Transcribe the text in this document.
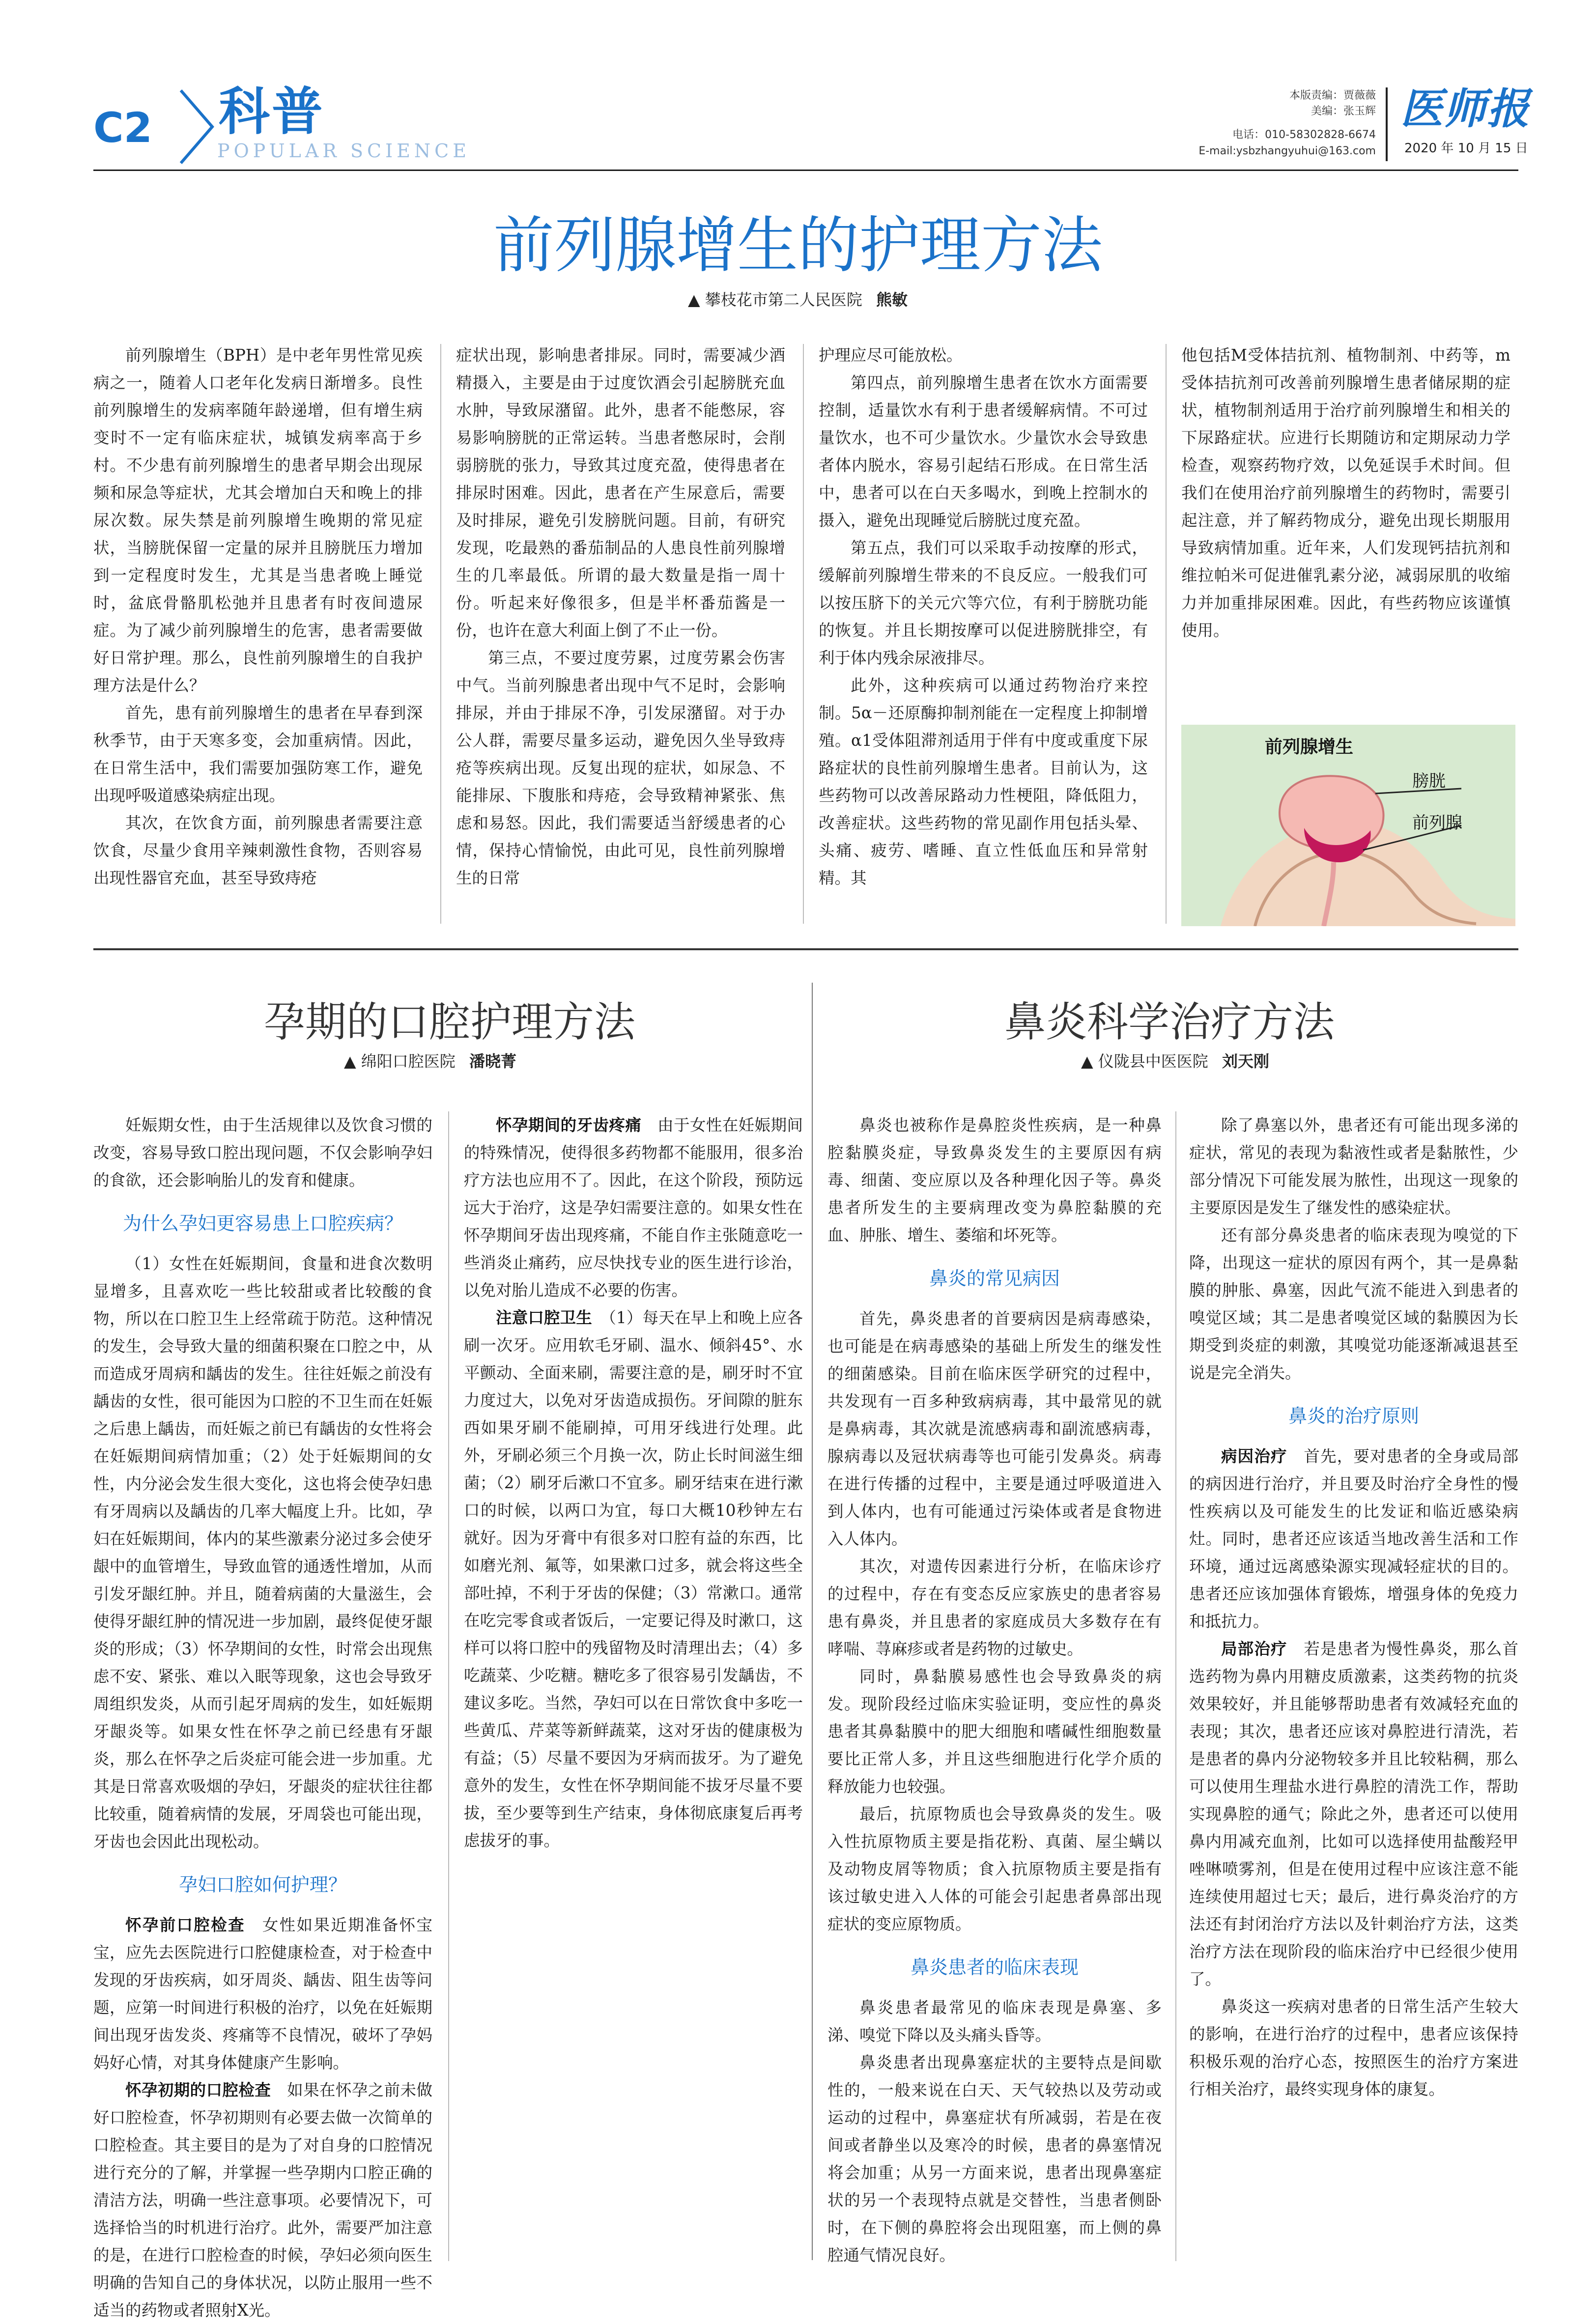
C2 科普
POPULAR SCIENCE
本版责编：贾薇薇
美编：张玉辉
电话：010-58302828-6674
E-mail:ysbzhangyuhui@163.com
医师报
2020 年 10 月 15 日
前列腺增生的护理方法
▲ 攀枝花市第二人民医院 熊敏

前列腺增生（BPH）是中老年男性常见疾病之一，随着人口老年化发病日渐增多。良性前列腺增生的发病率随年龄递增，但有增生病变时不一定有临床症状，城镇发病率高于乡村。不少患有前列腺增生的患者早期会出现尿频和尿急等症状，尤其会增加白天和晚上的排尿次数。尿失禁是前列腺增生晚期的常见症状，当膀胱保留一定量的尿并且膀胱压力增加到一定程度时发生，尤其是当患者晚上睡觉时，盆底骨骼肌松弛并且患者有时夜间遗尿症。为了减少前列腺增生的危害，患者需要做好日常护理。那么，良性前列腺增生的自我护理方法是什么？

首先，患有前列腺增生的患者在早春到深秋季节，由于天寒多变，会加重病情。因此，在日常生活中，我们需要加强防寒工作，避免出现呼吸道感染病症出现。

其次，在饮食方面，前列腺患者需要注意饮食，尽量少食用辛辣刺激性食物，否则容易出现性器官充血，甚至导致痔疮

症状出现，影响患者排尿。同时，需要减少酒精摄入，主要是由于过度饮酒会引起膀胱充血水肿，导致尿潴留。此外，患者不能憋尿，容易影响膀胱的正常运转。当患者憋尿时，会削弱膀胱的张力，导致其过度充盈，使得患者在排尿时困难。因此，患者在产生尿意后，需要及时排尿，避免引发膀胱问题。目前，有研究发现，吃最熟的番茄制品的人患良性前列腺增生的几率最低。所谓的最大数量是指一周十份。听起来好像很多，但是半杯番茄酱是一份，也许在意大利面上倒了不止一份。

第三点，不要过度劳累，过度劳累会伤害中气。当前列腺患者出现中气不足时，会影响排尿，并由于排尿不净，引发尿潴留。对于办公人群，需要尽量多运动，避免因久坐导致痔疮等疾病出现。反复出现的症状，如尿急、不能排尿、下腹胀和痔疮，会导致精神紧张、焦虑和易怒。因此，我们需要适当舒缓患者的心情，保持心情愉悦，由此可见，良性前列腺增生的日常

护理应尽可能放松。

第四点，前列腺增生患者在饮水方面需要控制，适量饮水有利于患者缓解病情。不可过量饮水，也不可少量饮水。少量饮水会导致患者体内脱水，容易引起结石形成。在日常生活中，患者可以在白天多喝水，到晚上控制水的摄入，避免出现睡觉后膀胱过度充盈。

第五点，我们可以采取手动按摩的形式，缓解前列腺增生带来的不良反应。一般我们可以按压脐下的关元穴等穴位，有利于膀胱功能的恢复。并且长期按摩可以促进膀胱排空，有利于体内残余尿液排尽。

此外，这种疾病可以通过药物治疗来控制。5α－还原酶抑制剂能在一定程度上抑制增殖。α1受体阻滞剂适用于伴有中度或重度下尿路症状的良性前列腺增生患者。目前认为，这些药物可以改善尿路动力性梗阻，降低阻力，改善症状。这些药物的常见副作用包括头晕、头痛、疲劳、嗜睡、直立性低血压和异常射精。其

他包括M受体拮抗剂、植物制剂、中药等，m受体拮抗剂可改善前列腺增生患者储尿期的症状，植物制剂适用于治疗前列腺增生和相关的下尿路症状。应进行长期随访和定期尿动力学检查，观察药物疗效，以免延误手术时间。但我们在使用治疗前列腺增生的药物时，需要引起注意，并了解药物成分，避免出现长期服用导致病情加重。近年来，人们发现钙拮抗剂和维拉帕米可促进催乳素分泌，减弱尿肌的收缩力并加重排尿困难。因此，有些药物应该谨慎使用。

前列腺增生
膀胱
前列腺
孕期的口腔护理方法
▲ 绵阳口腔医院 潘晓菁

妊娠期女性，由于生活规律以及饮食习惯的改变，容易导致口腔出现问题，不仅会影响孕妇的食欲，还会影响胎儿的发育和健康。

为什么孕妇更容易患上口腔疾病？

（1）女性在妊娠期间，食量和进食次数明显增多，且喜欢吃一些比较甜或者比较酸的食物，所以在口腔卫生上经常疏于防范。这种情况的发生，会导致大量的细菌积聚在口腔之中，从而造成牙周病和龋齿的发生。往往妊娠之前没有龋齿的女性，很可能因为口腔的不卫生而在妊娠之后患上龋齿，而妊娠之前已有龋齿的女性将会在妊娠期间病情加重；（2）处于妊娠期间的女性，内分泌会发生很大变化，这也将会使孕妇患有牙周病以及龋齿的几率大幅度上升。比如，孕妇在妊娠期间，体内的某些激素分泌过多会使牙龈中的血管增生，导致血管的通透性增加，从而引发牙龈红肿。并且，随着病菌的大量滋生，会使得牙龈红肿的情况进一步加剧，最终促使牙龈炎的形成；（3）怀孕期间的女性，时常会出现焦虑不安、紧张、难以入眠等现象，这也会导致牙周组织发炎，从而引起牙周病的发生，如妊娠期牙龈炎等。如果女性在怀孕之前已经患有牙龈炎，那么在怀孕之后炎症可能会进一步加重。尤其是日常喜欢吸烟的孕妇，牙龈炎的症状往往都比较重，随着病情的发展，牙周袋也可能出现，牙齿也会因此出现松动。

孕妇口腔如何护理？

怀孕前口腔检查　 女性如果近期准备怀宝宝，应先去医院进行口腔健康检查，对于检查中发现的牙齿疾病，如牙周炎、龋齿、阻生齿等问题，应第一时间进行积极的治疗，以免在妊娠期间出现牙齿发炎、疼痛等不良情况，破坏了孕妈妈好心情，对其身体健康产生影响。

怀孕初期的口腔检查　 如果在怀孕之前未做好口腔检查，怀孕初期则有必要去做一次简单的口腔检查。其主要目的是为了对自身的口腔情况进行充分的了解，并掌握一些孕期内口腔正确的清洁方法，明确一些注意事项。必要情况下，可选择恰当的时机进行治疗。此外，需要严加注意的是，在进行口腔检查的时候，孕妇必须向医生明确的告知自己的身体状况，以防止服用一些不适当的药物或者照射X光。

怀孕期间的牙齿疼痛　 由于女性在妊娠期间的特殊情况，使得很多药物都不能服用，很多治疗方法也应用不了。因此，在这个阶段，预防远远大于治疗，这是孕妇需要注意的。如果女性在怀孕期间牙齿出现疼痛，不能自作主张随意吃一些消炎止痛药，应尽快找专业的医生进行诊治，以免对胎儿造成不必要的伤害。

注意口腔卫生　 （1）每天在早上和晚上应各刷一次牙。应用软毛牙刷、温水、倾斜45°、水平颤动、全面来刷，需要注意的是，刷牙时不宜力度过大，以免对牙齿造成损伤。牙间隙的脏东西如果牙刷不能刷掉，可用牙线进行处理。此外，牙刷必须三个月换一次，防止长时间滋生细菌；（2）刷牙后漱口不宜多。刷牙结束在进行漱口的时候，以两口为宜，每口大概10秒钟左右就好。因为牙膏中有很多对口腔有益的东西，比如磨光剂、氟等，如果漱口过多，就会将这些全部吐掉，不利于牙齿的保健；（3）常漱口。通常在吃完零食或者饭后，一定要记得及时漱口，这样可以将口腔中的残留物及时清理出去；（4）多吃蔬菜、少吃糖。糖吃多了很容易引发龋齿，不建议多吃。当然，孕妇可以在日常饮食中多吃一些黄瓜、芹菜等新鲜蔬菜，这对牙齿的健康极为有益；（5）尽量不要因为牙病而拔牙。为了避免意外的发生，女性在怀孕期间能不拔牙尽量不要拔，至少要等到生产结束，身体彻底康复后再考虑拔牙的事。

鼻炎科学治疗方法
▲ 仪陇县中医医院 刘天刚

鼻炎也被称作是鼻腔炎性疾病，是一种鼻腔黏膜炎症，导致鼻炎发生的主要原因有病毒、细菌、变应原以及各种理化因子等。鼻炎患者所发生的主要病理改变为鼻腔黏膜的充血、肿胀、增生、萎缩和坏死等。

鼻炎的常见病因

首先，鼻炎患者的首要病因是病毒感染，也可能是在病毒感染的基础上所发生的继发性的细菌感染。目前在临床医学研究的过程中，共发现有一百多种致病病毒，其中最常见的就是鼻病毒，其次就是流感病毒和副流感病毒，腺病毒以及冠状病毒等也可能引发鼻炎。病毒在进行传播的过程中，主要是通过呼吸道进入到人体内，也有可能通过污染体或者是食物进入人体内。

其次，对遗传因素进行分析，在临床诊疗的过程中，存在有变态反应家族史的患者容易患有鼻炎，并且患者的家庭成员大多数存在有哮喘、荨麻疹或者是药物的过敏史。

同时，鼻黏膜易感性也会导致鼻炎的病发。现阶段经过临床实验证明，变应性的鼻炎患者其鼻黏膜中的肥大细胞和嗜碱性细胞数量要比正常人多，并且这些细胞进行化学介质的释放能力也较强。

最后，抗原物质也会导致鼻炎的发生。吸入性抗原物质主要是指花粉、真菌、屋尘螨以及动物皮屑等物质；食入抗原物质主要是指有该过敏史进入人体的可能会引起患者鼻部出现症状的变应原物质。

鼻炎患者的临床表现

鼻炎患者最常见的临床表现是鼻塞、多涕、嗅觉下降以及头痛头昏等。

鼻炎患者出现鼻塞症状的主要特点是间歇性的，一般来说在白天、天气较热以及劳动或运动的过程中，鼻塞症状有所减弱，若是在夜间或者静坐以及寒冷的时候，患者的鼻塞情况将会加重；从另一方面来说，患者出现鼻塞症状的另一个表现特点就是交替性，当患者侧卧时，在下侧的鼻腔将会出现阻塞，而上侧的鼻腔通气情况良好。

除了鼻塞以外，患者还有可能出现多涕的症状，常见的表现为黏液性或者是黏脓性，少部分情况下可能发展为脓性，出现这一现象的主要原因是发生了继发性的感染症状。

还有部分鼻炎患者的临床表现为嗅觉的下降，出现这一症状的原因有两个，其一是鼻黏膜的肿胀、鼻塞，因此气流不能进入到患者的嗅觉区域；其二是患者嗅觉区域的黏膜因为长期受到炎症的刺激，其嗅觉功能逐渐减退甚至说是完全消失。

鼻炎的治疗原则

病因治疗　 首先，要对患者的全身或局部的病因进行治疗，并且要及时治疗全身性的慢性疾病以及可能发生的比发证和临近感染病灶。同时，患者还应该适当地改善生活和工作环境，通过远离感染源实现减轻症状的目的。患者还应该加强体育锻炼，增强身体的免疫力和抵抗力。

局部治疗　 若是患者为慢性鼻炎，那么首选药物为鼻内用糖皮质激素，这类药物的抗炎效果较好，并且能够帮助患者有效减轻充血的表现；其次，患者还应该对鼻腔进行清洗，若是患者的鼻内分泌物较多并且比较粘稠，那么可以使用生理盐水进行鼻腔的清洗工作，帮助实现鼻腔的通气；除此之外，患者还可以使用鼻内用减充血剂，比如可以选择使用盐酸羟甲唑啉喷雾剂，但是在使用过程中应该注意不能连续使用超过七天；最后，进行鼻炎治疗的方法还有封闭治疗方法以及针刺治疗方法，这类治疗方法在现阶段的临床治疗中已经很少使用了。

鼻炎这一疾病对患者的日常生活产生较大的影响，在进行治疗的过程中，患者应该保持积极乐观的治疗心态，按照医生的治疗方案进行相关治疗，最终实现身体的康复。
